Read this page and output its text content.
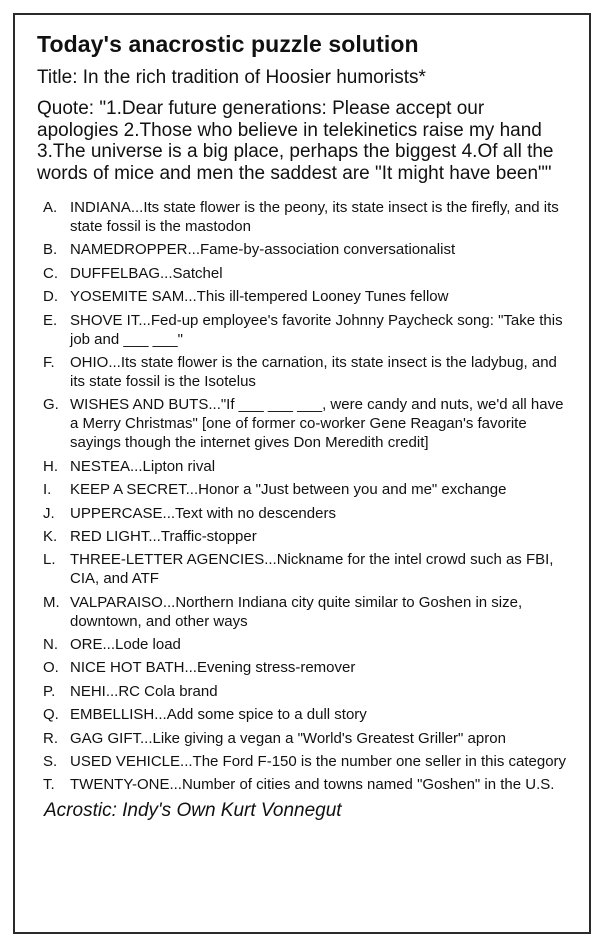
Today's anacrostic puzzle solution

Title: In the rich tradition of Hoosier humorists*

Quote: "1.Dear future generations: Please accept our apologies 2.Those who believe in telekinetics raise my hand 3.The universe is a big place, perhaps the biggest 4.Of all the words of mice and men the saddest are "It might have been""

A. INDIANA...Its state flower is the peony, its state insect is the firefly, and its state fossil is the mastodon
B. NAMEDROPPER...Fame-by-association conversationalist
C. DUFFELBAG...Satchel
D. YOSEMITE SAM...This ill-tempered Looney Tunes fellow
E. SHOVE IT...Fed-up employee's favorite Johnny Paycheck song: "Take this job and ___ ___"
F. OHIO...Its state flower is the carnation, its state insect is the ladybug, and its state fossil is the Isotelus
G. WISHES AND BUTS..."If ___ ___ ___, were candy and nuts, we'd all have a Merry Christmas" [one of former co-worker Gene Reagan's favorite sayings though the internet gives Don Meredith credit]
H. NESTEA...Lipton rival
I. KEEP A SECRET...Honor a "Just between you and me" exchange
J. UPPERCASE...Text with no descenders
K. RED LIGHT...Traffic-stopper
L. THREE-LETTER AGENCIES...Nickname for the intel crowd such as FBI, CIA, and ATF
M. VALPARAISO...Northern Indiana city quite similar to Goshen in size, downtown, and other ways
N. ORE...Lode load
O. NICE HOT BATH...Evening stress-remover
P. NEHI...RC Cola brand
Q. EMBELLISH...Add some spice to a dull story
R. GAG GIFT...Like giving a vegan a "World's Greatest Griller" apron
S. USED VEHICLE...The Ford F-150 is the number one seller in this category
T. TWENTY-ONE...Number of cities and towns named "Goshen" in the U.S.
Acrostic: Indy's Own Kurt Vonnegut
